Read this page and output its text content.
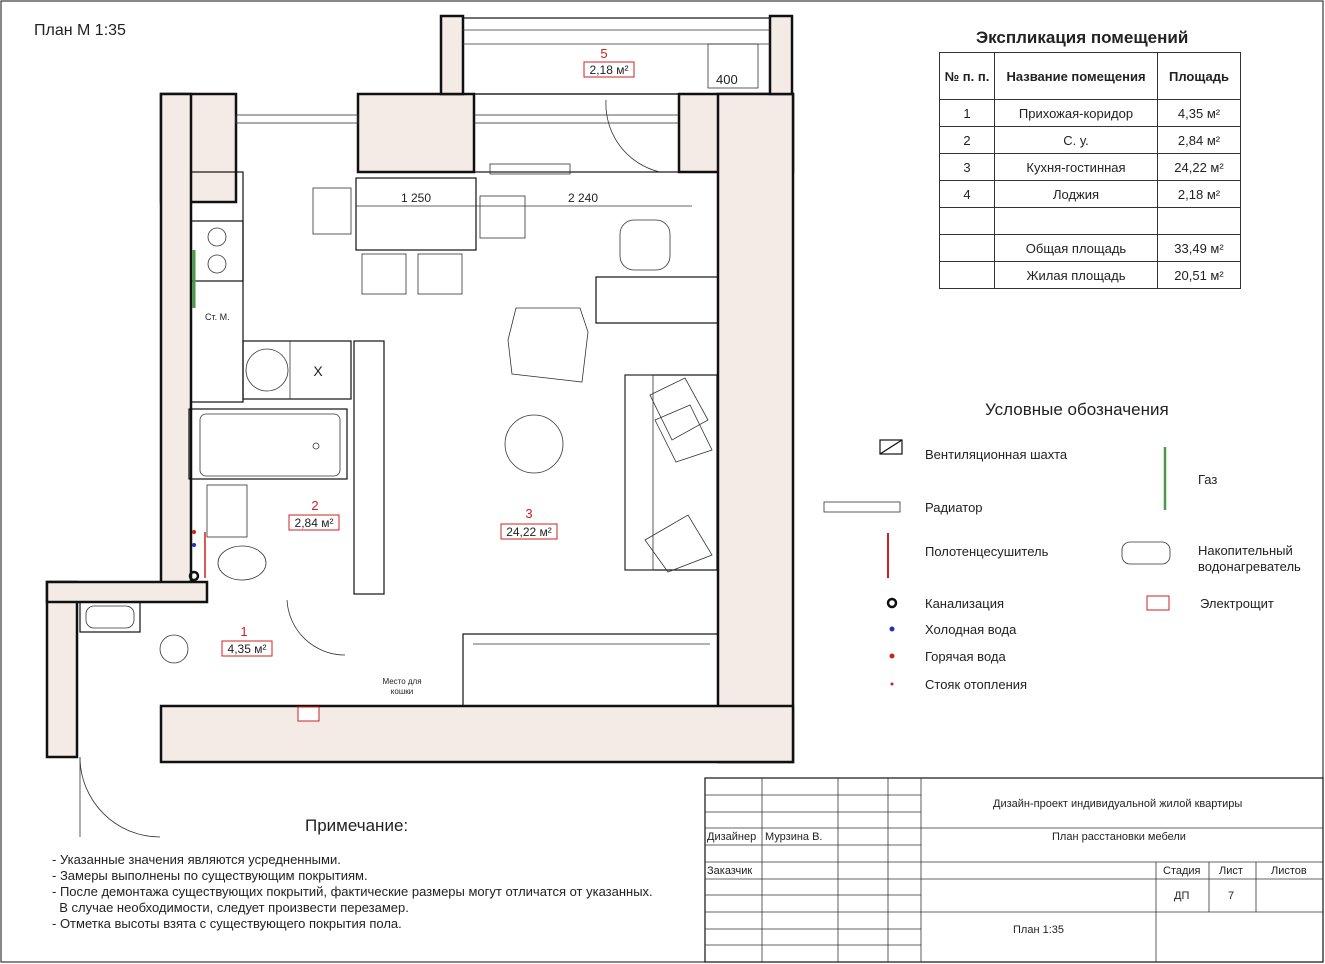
План М 1:35
400
5
2,18 м²
Ст. М.
Х
1 250	2 240
2
2,84 м²
1
4,35 м²
Место для
кошки
3
24,22 м²
Дизайн-проект индивидуальной жилой квартиры
Дизайнер Мурзина В.	План расстановки мебели
Заказчик	Стадия Лист	Листов
ДП	7
План 1:35
Экспликация помещений
№ п. п.	Название помещения	Площадь
1	Прихожая-коридор	4,35 м²
2	С. у.	2,84 м²
3	Кухня-гостинная	24,22 м²
4	Лоджия	2,18 м²

	Общая площадь	33,49 м²
	Жилая площадь	20,51 м²
Условные обозначения
Вентиляционная шахта
Газ
Радиатор
Полотенцесушитель	Накопительный водонагреватель
Канализация	Электрощит
Холодная вода
Горячая вода
Стояк отопления
Примечание:
- Указанные значения являются усредненными.
- Замеры выполнены по существующим покрытиям.
- После демонтажа существующих покрытий, фактические размеры могут отличатся от указанных.
В случае необходимости, следует произвести перезамер.
- Отметка высоты взята с существующего покрытия пола.
